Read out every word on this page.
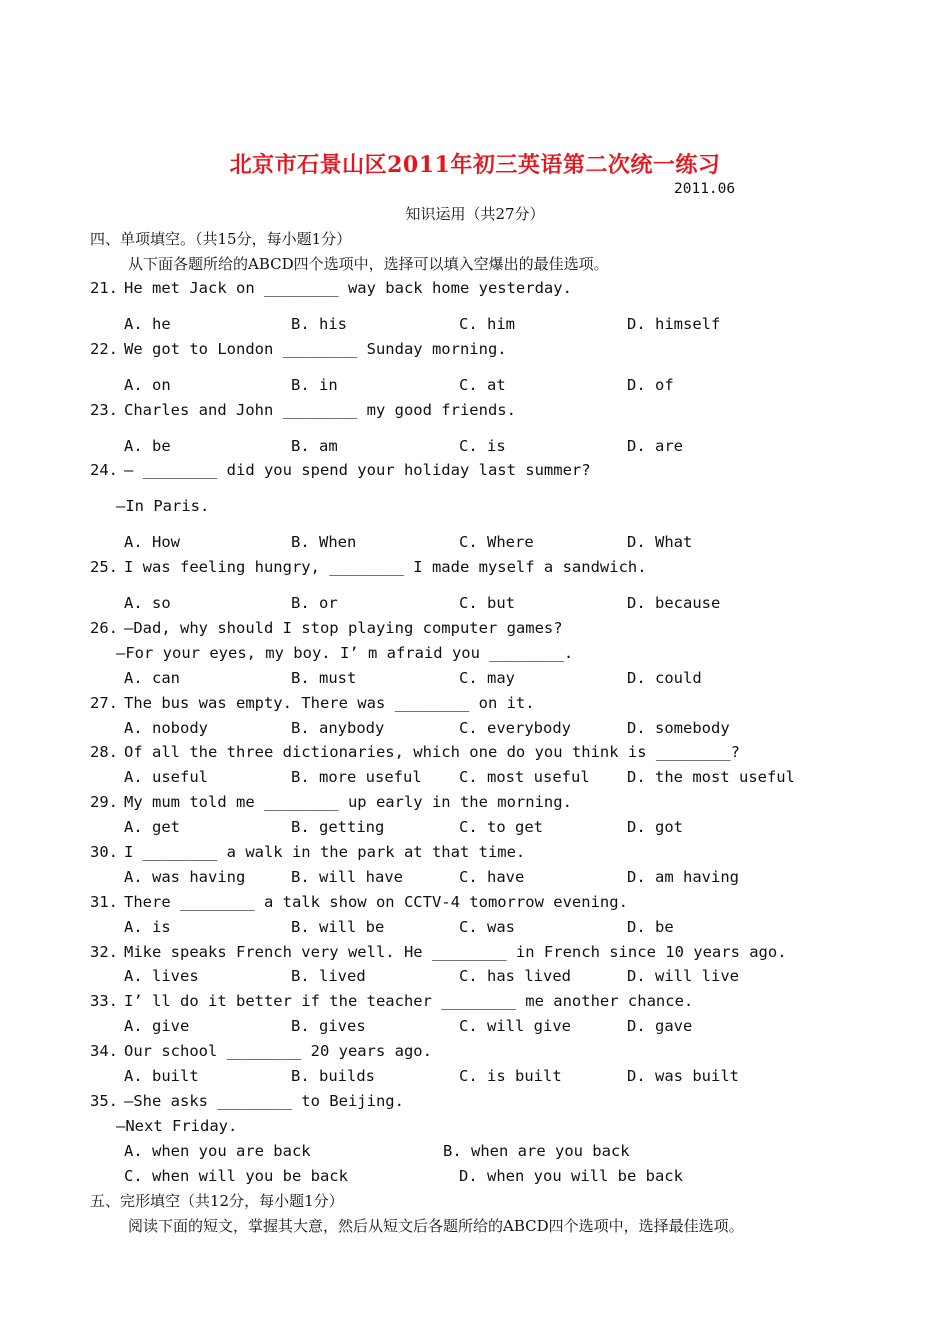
北京市石景山区2011年初三英语第二次统一练习
2011.06
知识运用（共27分）
四、单项填空。（共15分，每小题1分）
从下面各题所给的ABCD四个选项中，选择可以填入空爆出的最佳选项。
21. He met Jack on ________ way back home yesterday.
A. he	B. his	C. him	D. himself
22. We got to London ________ Sunday morning.
A. on	B. in	C. at	D. of
23. Charles and John ________ my good friends.
A. be	B. am	C. is	D. are
24. — ________ did you spend your holiday last summer?
—In Paris.
A. How	B. When	C. Where	D. What
25. I was feeling hungry, ________ I made myself a sandwich.
A. so	B. or	C. but	D. because
26. —Dad, why should I stop playing computer games?
—For your eyes, my boy. I’ m afraid you ________.
A. can	B. must	C. may	D. could
27. The bus was empty. There was ________ on it.
A. nobody	B. anybody	C. everybody	D. somebody
28. Of all the three dictionaries, which one do you think is ________?
A. useful	B. more useful C. most useful D. the most useful
29. My mum told me ________ up early in the morning.
A. get	B. getting	C. to get	D. got
30. I ________ a walk in the park at that time.
A. was having	B. will have	C. have	D. am having
31. There ________ a talk show on CCTV-4 tomorrow evening.
A. is	B. will be	C. was	D. be
32. Mike speaks French very well. He ________ in French since 10 years ago.
A. lives	B. lived	C. has lived	D. will live
33. I’ ll do it better if the teacher ________ me another chance.
A. give	B. gives	C. will give	D. gave
34. Our school ________ 20 years ago.
A. built	B. builds	C. is built	D. was built
35. —She asks ________ to Beijing.
—Next Friday.
A. when you are back	B. when are you back
C. when will you be back	D. when you will be back
五、完形填空（共12分，每小题1分）
阅读下面的短文，掌握其大意，然后从短文后各题所给的ABCD四个选项中，选择最佳选项。
